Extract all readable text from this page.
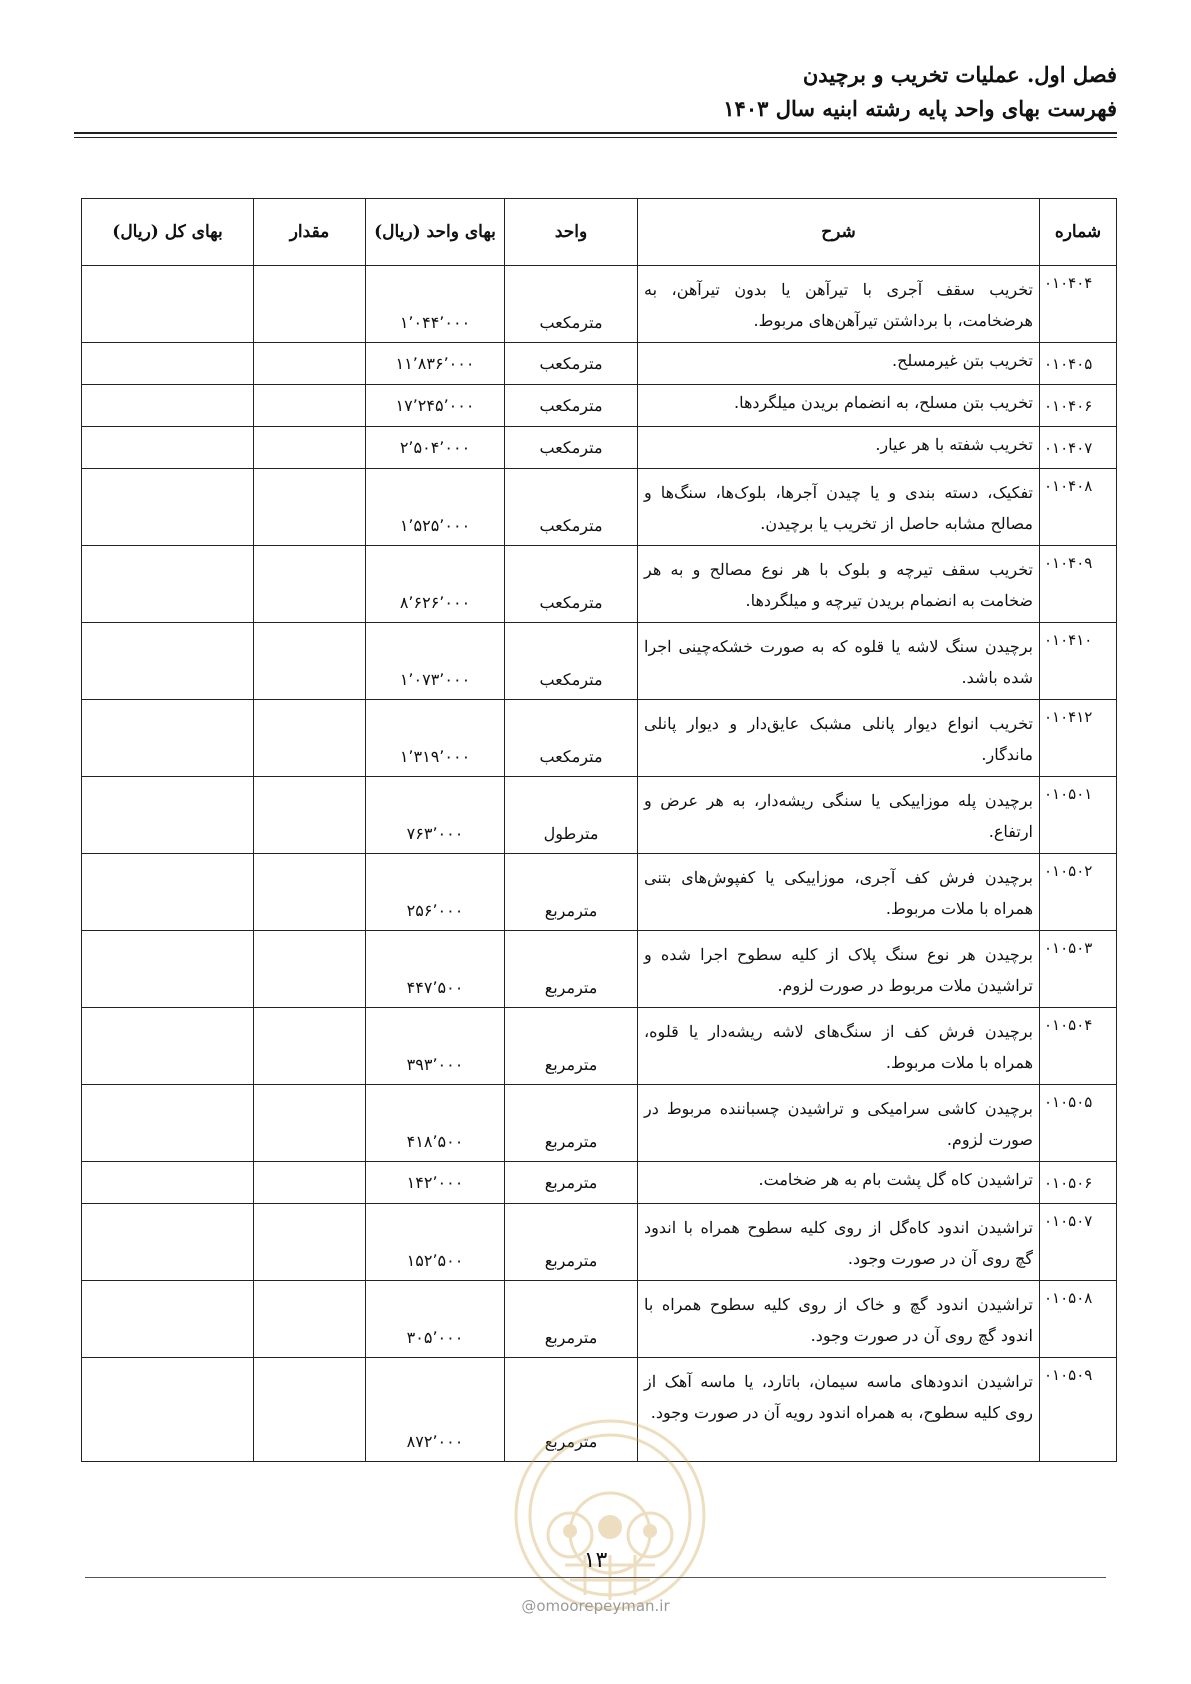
فصل اول. عملیات تخریب و برچیدن
فهرست بهای واحد پایه رشته ابنیه سال ۱۴۰۳
شماره	شرح	واحد	بهای واحد (ریال)	مقدار	بهای کل (ریال)
۰۱۰۴۰۴	تخریب سقف آجری با تیرآهن یا بدون تیرآهن، به هرضخامت، با برداشتن تیرآهن‌های مربوط.	مترمکعب	۱٬۰۴۴٬۰۰۰		
۰۱۰۴۰۵	تخریب بتن غیرمسلح.	مترمکعب	۱۱٬۸۳۶٬۰۰۰		
۰۱۰۴۰۶	تخریب بتن مسلح، به انضمام بریدن میلگردها.	مترمکعب	۱۷٬۲۴۵٬۰۰۰		
۰۱۰۴۰۷	تخریب شفته با هر عیار.	مترمکعب	۲٬۵۰۴٬۰۰۰		
۰۱۰۴۰۸	تفکیک، دسته بندی و یا چیدن آجرها، بلوک‌ها، سنگ‌ها و مصالح مشابه حاصل از تخریب یا برچیدن.	مترمکعب	۱٬۵۲۵٬۰۰۰		
۰۱۰۴۰۹	تخریب سقف تیرچه و بلوک با هر نوع مصالح و به هر ضخامت به انضمام بریدن تیرچه و میلگردها.	مترمکعب	۸٬۶۲۶٬۰۰۰		
۰۱۰۴۱۰	برچیدن سنگ لاشه یا قلوه که به صورت خشکه‌چینی اجرا شده باشد.	مترمکعب	۱٬۰۷۳٬۰۰۰		
۰۱۰۴۱۲	تخریب انواع دیوار پانلی مشبک عایق‌دار و دیوار پانلی ماندگار.	مترمکعب	۱٬۳۱۹٬۰۰۰		
۰۱۰۵۰۱	برچیدن پله موزاییکی یا سنگی ریشه‌دار، به هر عرض و ارتفاع.	مترطول	۷۶۳٬۰۰۰		
۰۱۰۵۰۲	برچیدن فرش کف آجری، موزاییکی یا کفپوش‌های بتنی همراه با ملات مربوط.	مترمربع	۲۵۶٬۰۰۰		
۰۱۰۵۰۳	برچیدن هر نوع سنگ پلاک از کلیه سطوح اجرا شده و تراشیدن ملات مربوط در صورت لزوم.	مترمربع	۴۴۷٬۵۰۰		
۰۱۰۵۰۴	برچیدن فرش کف از سنگ‌های لاشه ریشه‌دار یا قلوه، همراه با ملات مربوط.	مترمربع	۳۹۳٬۰۰۰		
۰۱۰۵۰۵	برچیدن کاشی سرامیکی و تراشیدن چسباننده مربوط در صورت لزوم.	مترمربع	۴۱۸٬۵۰۰		
۰۱۰۵۰۶	تراشیدن کاه گل پشت بام به هر ضخامت.	مترمربع	۱۴۲٬۰۰۰		
۰۱۰۵۰۷	تراشیدن اندود کاه‌گل از روی کلیه سطوح همراه با اندود گچ روی آن در صورت وجود.	مترمربع	۱۵۲٬۵۰۰		
۰۱۰۵۰۸	تراشیدن اندود گچ و خاک از روی کلیه سطوح همراه با اندود گچ روی آن در صورت وجود.	مترمربع	۳۰۵٬۰۰۰		
۰۱۰۵۰۹	تراشیدن اندودهای ماسه سیمان، باتارد، یا ماسه آهک از روی کلیه سطوح، به همراه اندود رویه آن در صورت وجود.	مترمربع	۸۷۲٬۰۰۰		
۱۳
@omoorepeyman.ir
